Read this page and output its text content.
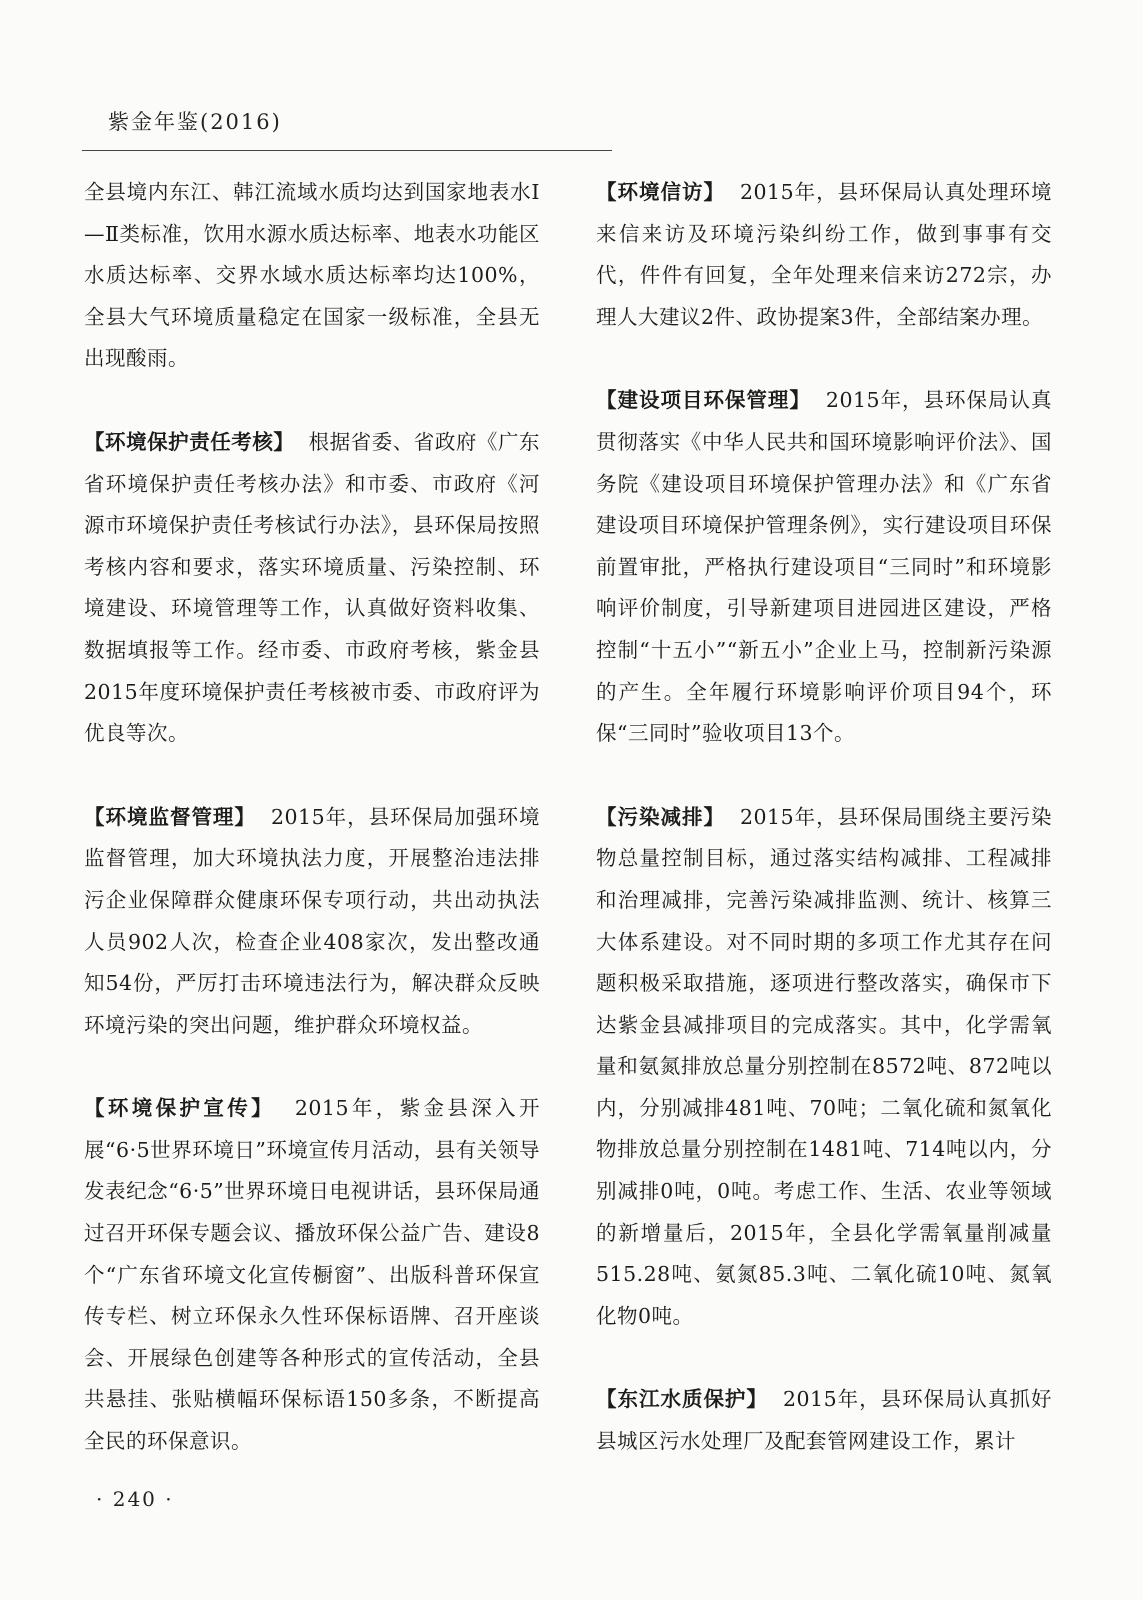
紫金年鉴(2016)

全县境内东江、韩江流域水质均达到国家地表水Ⅰ—Ⅱ类标准，饮用水源水质达标率、地表水功能区水质达标率、交界水域水质达标率均达100%，全县大气环境质量稳定在国家一级标准，全县无出现酸雨。

【环境保护责任考核】 根据省委、省政府《广东省环境保护责任考核办法》和市委、市政府《河源市环境保护责任考核试行办法》，县环保局按照考核内容和要求，落实环境质量、污染控制、环境建设、环境管理等工作，认真做好资料收集、数据填报等工作。经市委、市政府考核，紫金县2015年度环境保护责任考核被市委、市政府评为优良等次。

【环境监督管理】 2015年，县环保局加强环境监督管理，加大环境执法力度，开展整治违法排污企业保障群众健康环保专项行动，共出动执法人员902人次，检查企业408家次，发出整改通知54份，严厉打击环境违法行为，解决群众反映环境污染的突出问题，维护群众环境权益。

【环境保护宣传】 2015年，紫金县深入开展“6·5世界环境日”环境宣传月活动，县有关领导发表纪念“6·5”世界环境日电视讲话，县环保局通过召开环保专题会议、播放环保公益广告、建设8个“广东省环境文化宣传橱窗”、出版科普环保宣传专栏、树立环保永久性环保标语牌、召开座谈会、开展绿色创建等各种形式的宣传活动，全县共悬挂、张贴横幅环保标语150多条，不断提高全民的环保意识。

【环境信访】 2015年，县环保局认真处理环境来信来访及环境污染纠纷工作，做到事事有交代，件件有回复，全年处理来信来访272宗，办理人大建议2件、政协提案3件，全部结案办理。

【建设项目环保管理】 2015年，县环保局认真贯彻落实《中华人民共和国环境影响评价法》、国务院《建设项目环境保护管理办法》和《广东省建设项目环境保护管理条例》，实行建设项目环保前置审批，严格执行建设项目“三同时”和环境影响评价制度，引导新建项目进园进区建设，严格控制“十五小”“新五小”企业上马，控制新污染源的产生。全年履行环境影响评价项目94个，环保“三同时”验收项目13个。

【污染减排】 2015年，县环保局围绕主要污染物总量控制目标，通过落实结构减排、工程减排和治理减排，完善污染减排监测、统计、核算三大体系建设。对不同时期的多项工作尤其存在问题积极采取措施，逐项进行整改落实，确保市下达紫金县减排项目的完成落实。其中，化学需氧量和氨氮排放总量分别控制在8572吨、872吨以内，分别减排481吨、70吨；二氧化硫和氮氧化物排放总量分别控制在1481吨、714吨以内，分别减排0吨，0吨。考虑工作、生活、农业等领域的新增量后，2015年，全县化学需氧量削减量515.28吨、氨氮85.3吨、二氧化硫10吨、氮氧化物0吨。

【东江水质保护】 2015年，县环保局认真抓好县城区污水处理厂及配套管网建设工作，累计

· 240 ·
